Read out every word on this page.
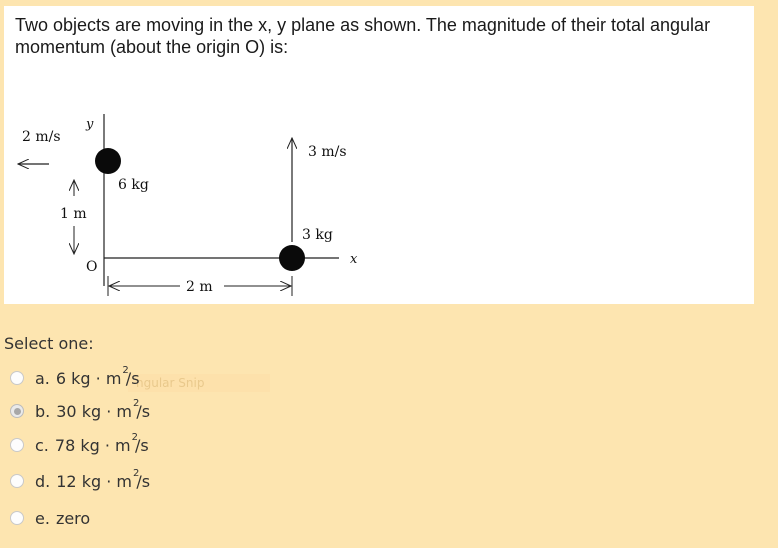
Two objects are moving in the x, y plane as shown. The magnitude of their total angular momentum (about the origin O) is:

y
x
O
6 kg
2 m/s
1 m
3 kg
3 m/s
2 m
Select one:
ngular Snip
a. 6 kg · m 2
/s
b. 30 kg · m 2
/s
c. 78 kg · m 2
/s
d. 12 kg · m 2
/s
e. zero
